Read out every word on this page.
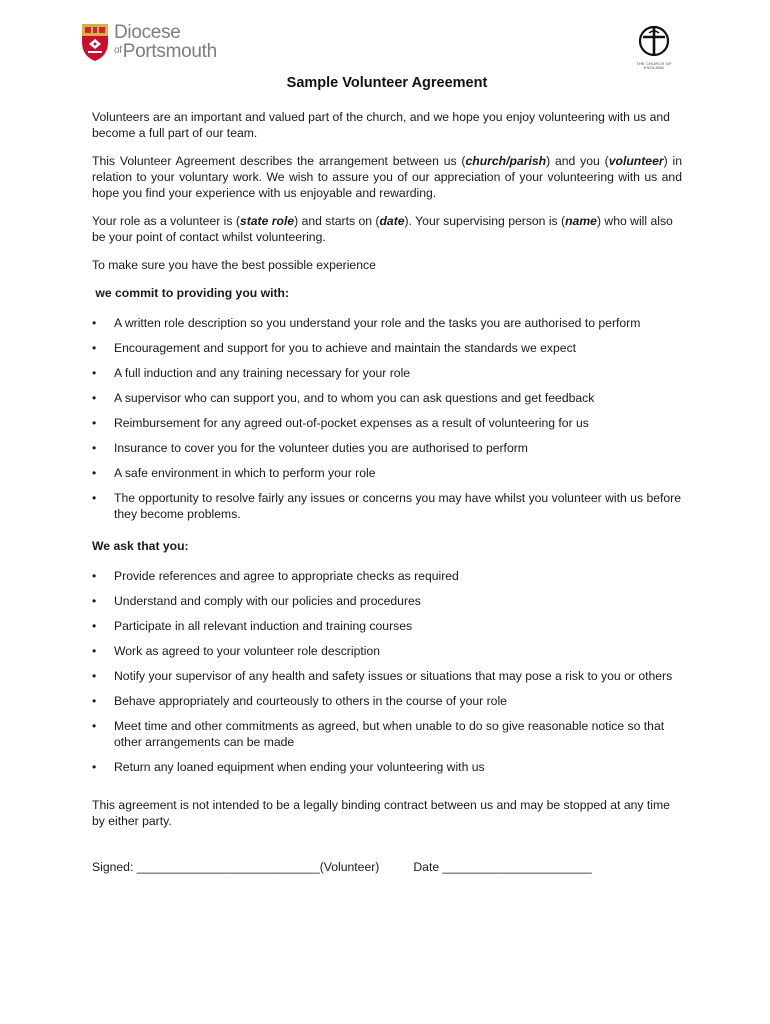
Diocese
$^{of}$Portsmouth
THE CHURCH OF ENGLAND
Sample Volunteer Agreement

Volunteers are an important and valued part of the church, and we hope you enjoy volunteering with us and become a full part of our team.

This Volunteer Agreement describes the arrangement between us (church/parish) and you (volunteer) in relation to your voluntary work. We wish to assure you of our appreciation of your volunteering with us and hope you find your experience with us enjoyable and rewarding.

Your role as a volunteer is (state role) and starts on (date). Your supervising person is (name) who will also be your point of contact whilst volunteering.

To make sure you have the best possible experience

we commit to providing you with:

• A written role description so you understand your role and the tasks you are authorised to perform
• Encouragement and support for you to achieve and maintain the standards we expect
• A full induction and any training necessary for your role
• A supervisor who can support you, and to whom you can ask questions and get feedback
• Reimbursement for any agreed out-of-pocket expenses as a result of volunteering for us
• Insurance to cover you for the volunteer duties you are authorised to perform
• A safe environment in which to perform your role
• The opportunity to resolve fairly any issues or concerns you may have whilst you volunteer with us before they become problems.

We ask that you:

• Provide references and agree to appropriate checks as required
• Understand and comply with our policies and procedures
• Participate in all relevant induction and training courses
• Work as agreed to your volunteer role description
• Notify your supervisor of any health and safety issues or situations that may pose a risk to you or others
• Behave appropriately and courteously to others in the course of your role
• Meet time and other commitments as agreed, but when unable to do so give reasonable notice so that other arrangements can be made
• Return any loaned equipment when ending your volunteering with us

This agreement is not intended to be a legally binding contract between us and may be stopped at any time by either party.

Signed: ___________________________(Volunteer)	Date ______________________
